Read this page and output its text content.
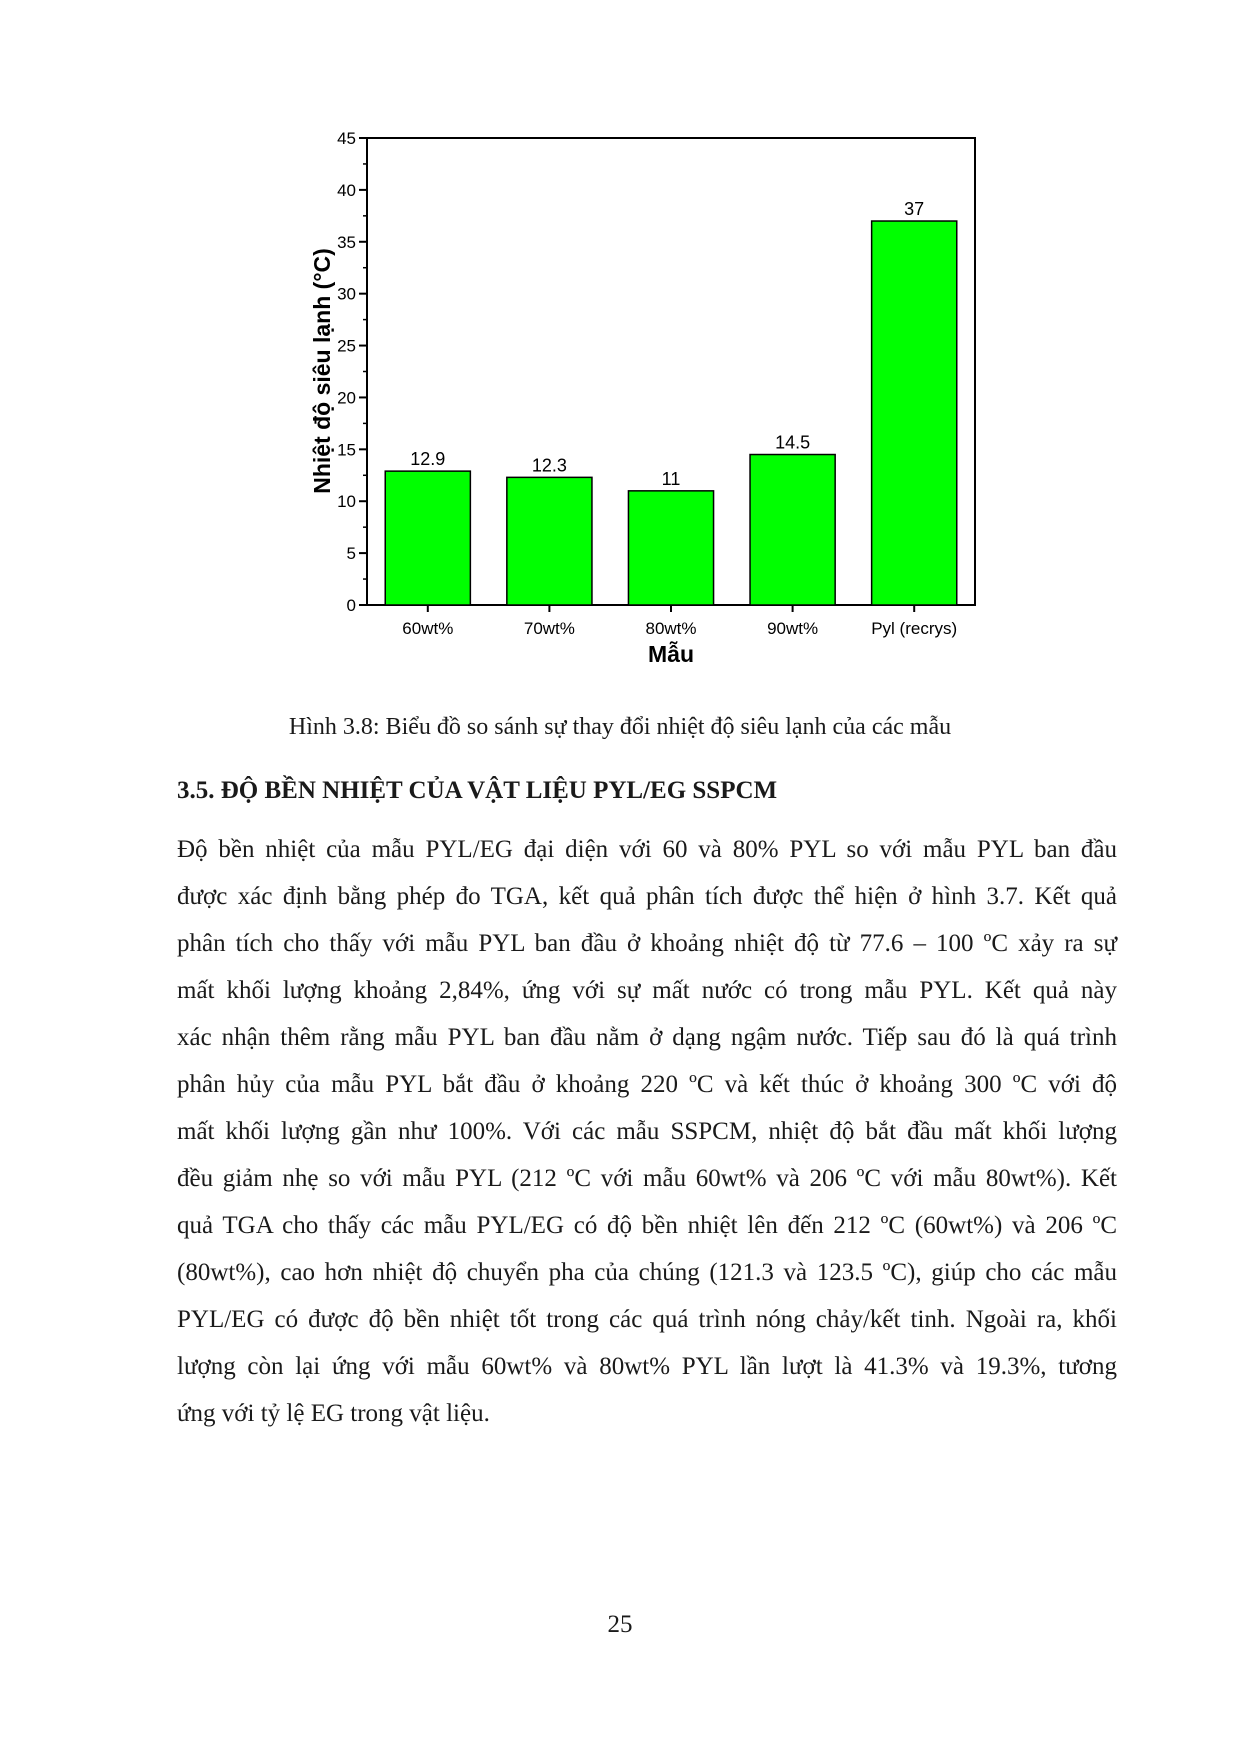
0
5
10
15
20
25
30
35
40
45
12.9	12.3
11
14.5
37
60wt%	70wt%	80wt%	90wt%	Pyl (recrys)
Nhiệt độ siêu lạnh (°C)
Mẫu
Hình 3.8: Biểu đồ so sánh sự thay đổi nhiệt độ siêu lạnh của các mẫu
3.5. ĐỘ BỀN NHIỆT CỦA VẬT LIỆU PYL/EG SSPCM
Độ bền nhiệt của mẫu PYL/EG đại diện với 60 và 80% PYL so với mẫu PYL ban đầu
được xác định bằng phép đo TGA, kết quả phân tích được thể hiện ở hình 3.7. Kết quả
phân tích cho thấy với mẫu PYL ban đầu ở khoảng nhiệt độ từ 77.6 – 100 ºC xảy ra sự
mất khối lượng khoảng 2,84%, ứng với sự mất nước có trong mẫu PYL. Kết quả này
xác nhận thêm rằng mẫu PYL ban đầu nằm ở dạng ngậm nước. Tiếp sau đó là quá trình
phân hủy của mẫu PYL bắt đầu ở khoảng 220 ºC và kết thúc ở khoảng 300 ºC với độ
mất khối lượng gần như 100%. Với các mẫu SSPCM, nhiệt độ bắt đầu mất khối lượng
đều giảm nhẹ so với mẫu PYL (212 ºC với mẫu 60wt% và 206 ºC với mẫu 80wt%). Kết
quả TGA cho thấy các mẫu PYL/EG có độ bền nhiệt lên đến 212 ºC (60wt%) và 206 ºC
(80wt%), cao hơn nhiệt độ chuyển pha của chúng (121.3 và 123.5 ºC), giúp cho các mẫu
PYL/EG có được độ bền nhiệt tốt trong các quá trình nóng chảy/kết tinh. Ngoài ra, khối
lượng còn lại ứng với mẫu 60wt% và 80wt% PYL lần lượt là 41.3% và 19.3%, tương
ứng với tỷ lệ EG trong vật liệu.
25
